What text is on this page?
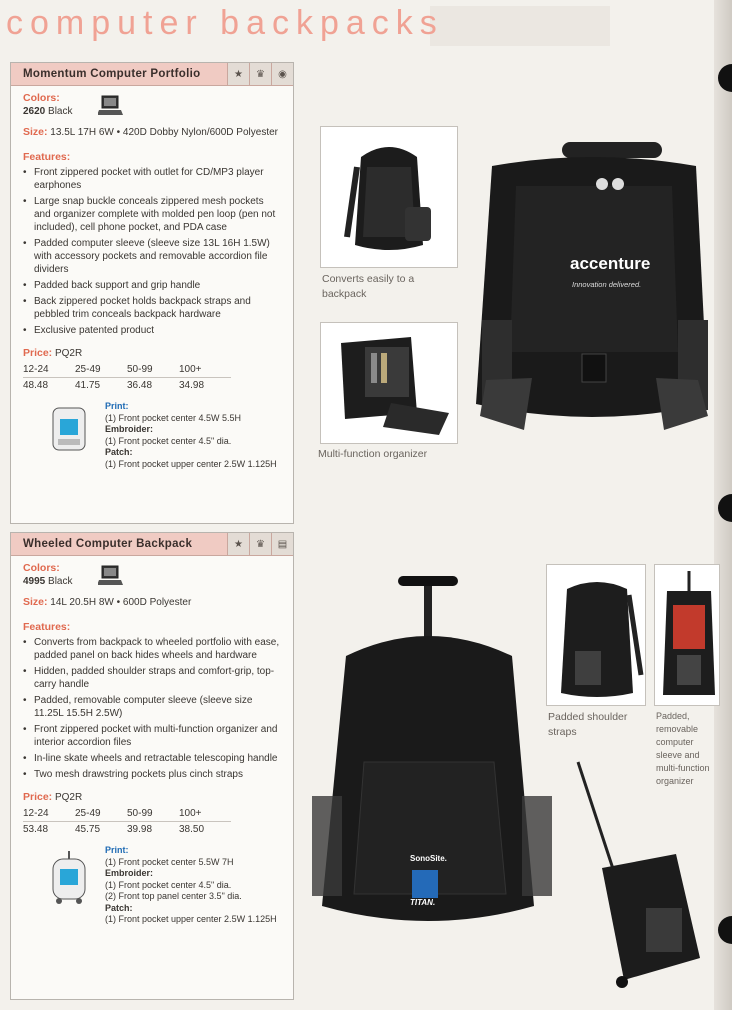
computer backpacks
Momentum Computer Portfolio	★	♛	◉
Colors:
2620 Black
Size: 13.5L 17H 6W • 420D Dobby Nylon/600D Polyester
Features:
• Front zippered pocket with outlet for CD/MP3 player earphones
• Large snap buckle conceals zippered mesh pockets and organizer complete with molded pen loop (pen not included), cell phone pocket, and PDA case
• Padded computer sleeve (sleeve size 13L 16H 1.5W) with accessory pockets and removable accordion file dividers
• Padded back support and grip handle
• Back zippered pocket holds backpack straps and pebbled trim conceals backpack hardware
• Exclusive patented product
Price: PQ2R
12-24	25-49	50-99	100+
48.48	41.75	36.48	34.98
Print:
(1) Front pocket center 4.5W 5.5H
Embroider:
(1) Front pocket center 4.5" dia.
Patch:
(1) Front pocket upper center 2.5W 1.125H
Wheeled Computer Backpack	★	♛	▤
Colors:
4995 Black
Size: 14L 20.5H 8W • 600D Polyester
Features:
• Converts from backpack to wheeled portfolio with ease, padded panel on back hides wheels and hardware
• Hidden, padded shoulder straps and comfort-grip, top-carry handle
• Padded, removable computer sleeve (sleeve size 11.25L 15.5H 2.5W)
• Front zippered pocket with multi-function organizer and interior accordion files
• In-line skate wheels and retractable telescoping handle
• Two mesh drawstring pockets plus cinch straps
Price: PQ2R
12-24	25-49	50-99	100+
53.48	45.75	39.98	38.50
Print:
(1) Front pocket center 5.5W 7H
Embroider:
(1) Front pocket center 4.5" dia.
(2) Front top panel center 3.5" dia.
Patch:
(1) Front pocket upper center 2.5W 1.125H
Converts easily to a backpack
Multi-function organizer
accenture
Innovation delivered.
Padded shoulder straps
Padded, removable computer sleeve and multi-function organizer
SonoSite.
TITAN.
